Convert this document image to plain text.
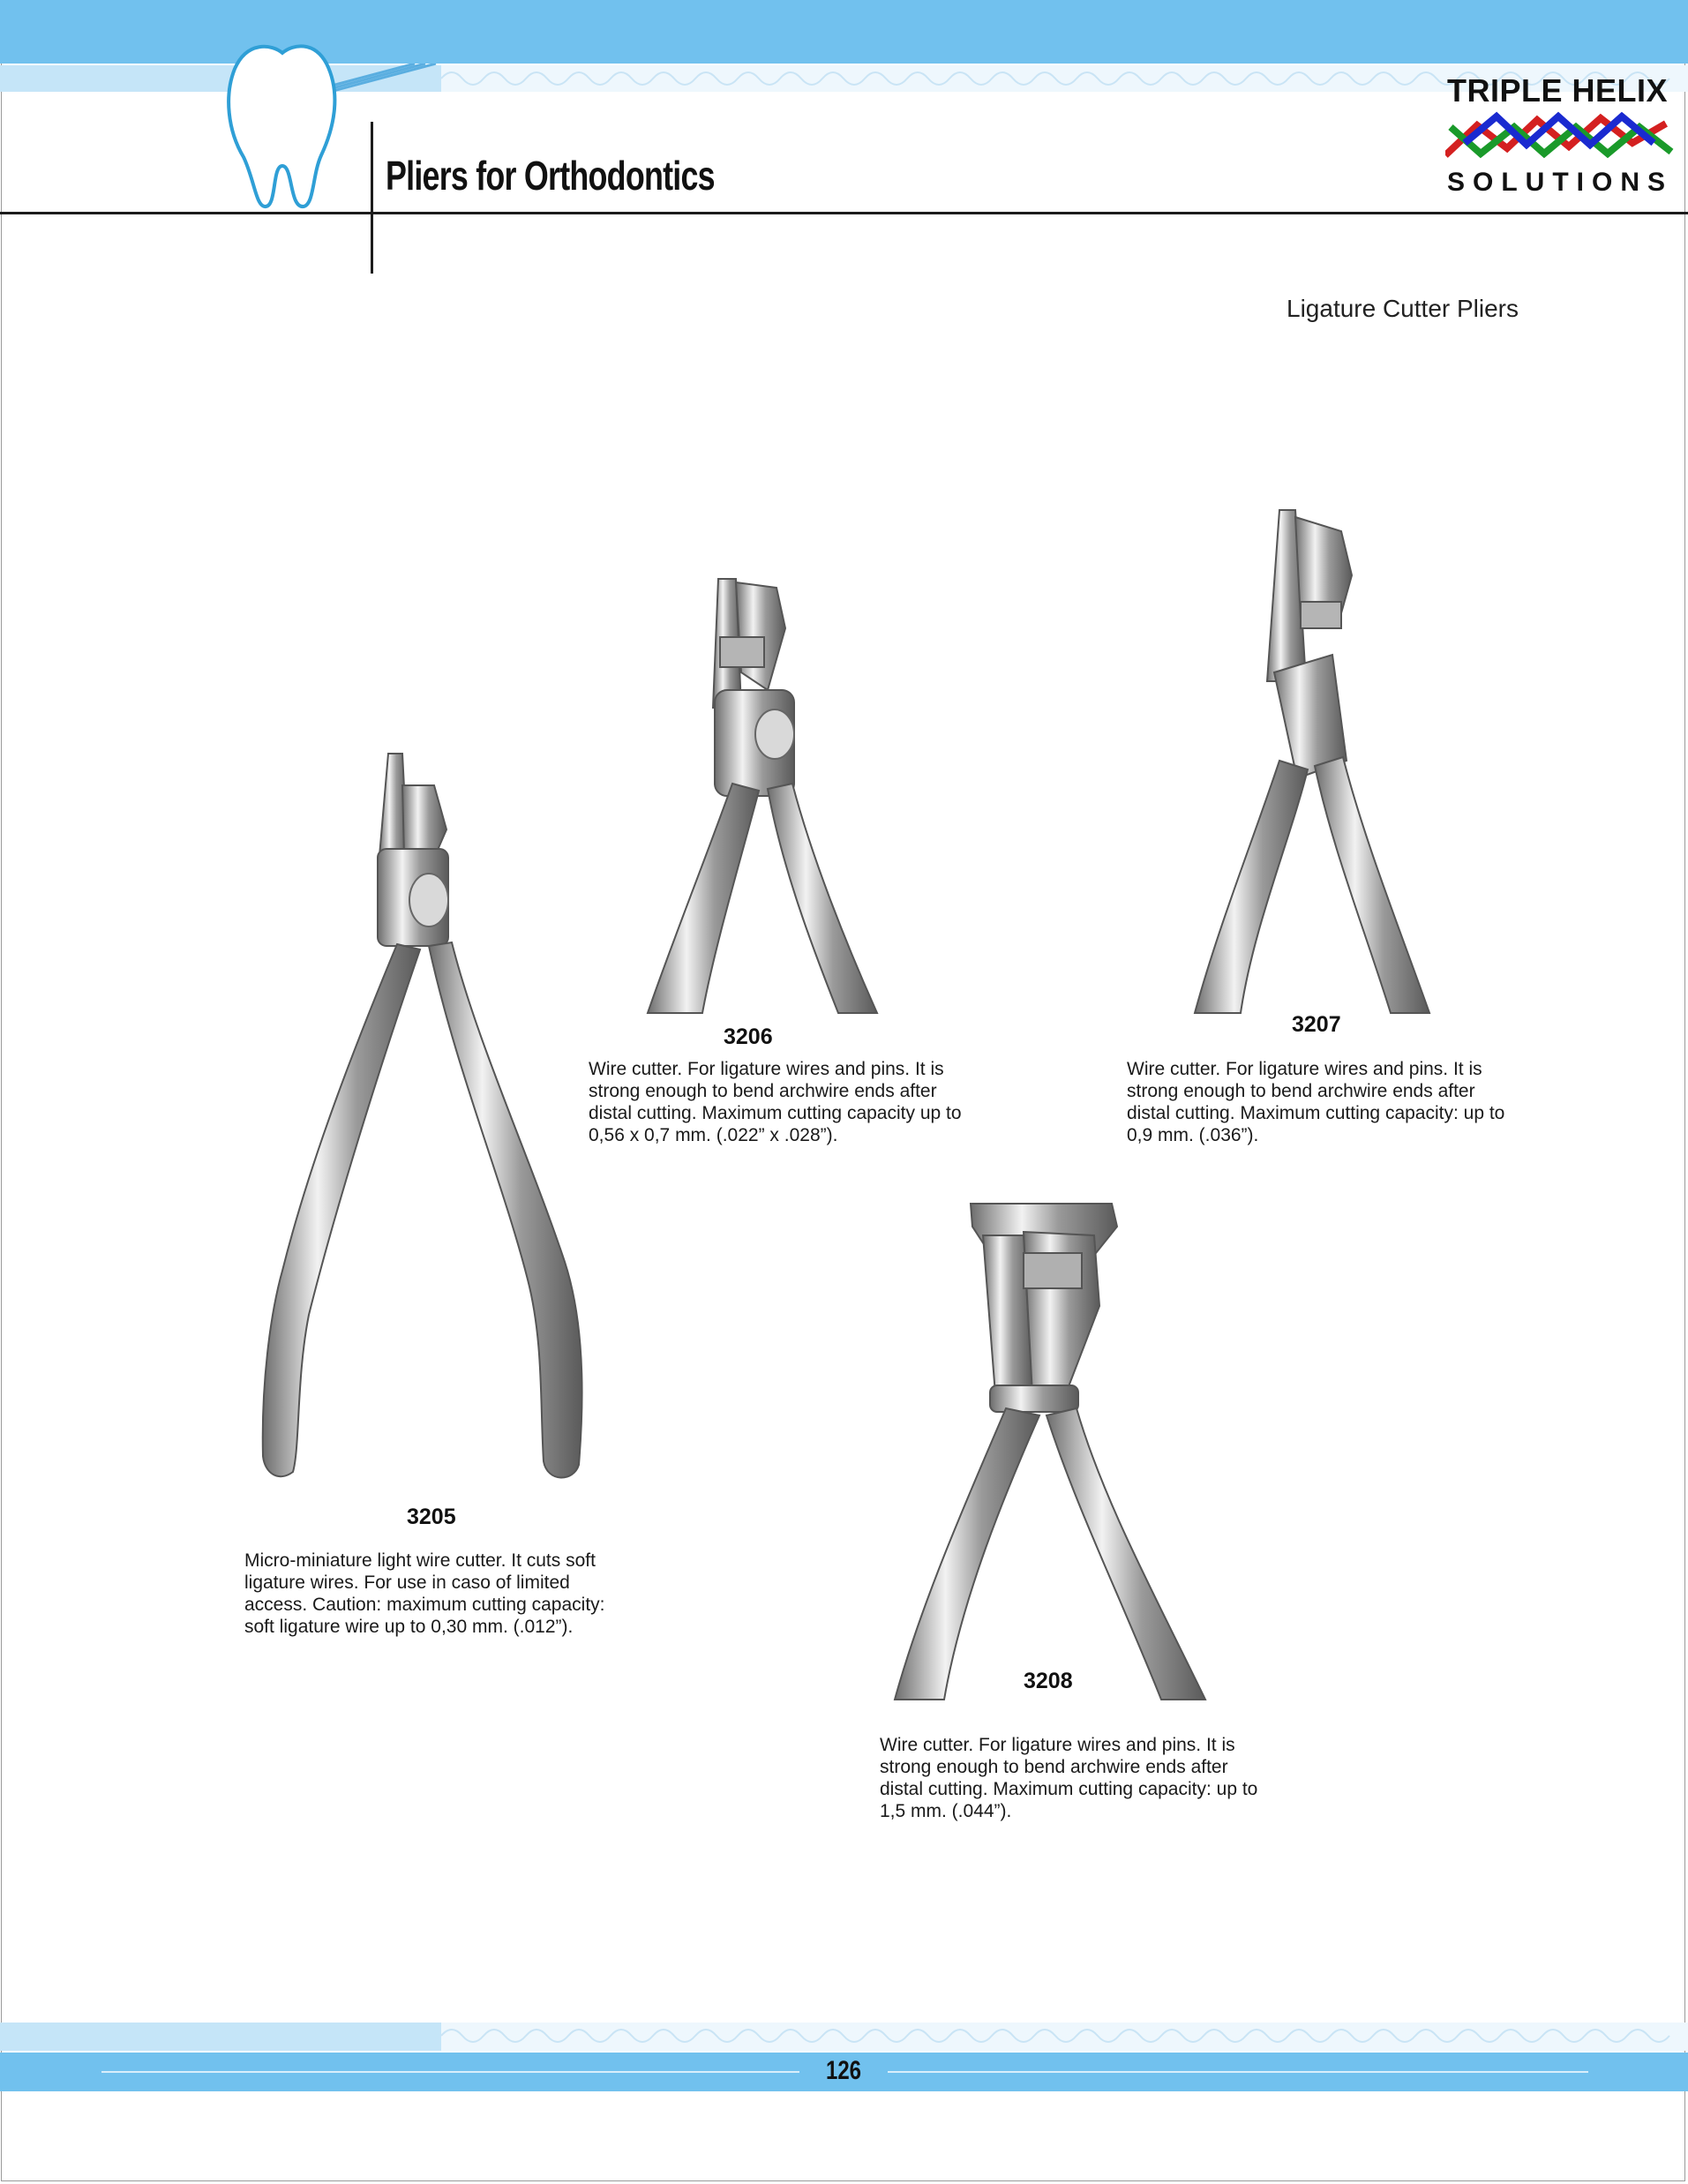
Pliers for Orthodontics
TRIPLE HELIX
SOLUTIONS
Ligature Cutter Pliers
3205
Micro-miniature light wire cutter. It cuts soft
ligature wires. For use in caso of limited
access. Caution: maximum cutting capacity:
soft ligature wire up to 0,30 mm. (.012”).
3206
Wire cutter. For ligature wires and pins. It is
strong enough to bend archwire ends after
distal cutting. Maximum cutting capacity up to
0,56 x 0,7 mm. (.022” x .028”).
3207
Wire cutter. For ligature wires and pins. It is
strong enough to bend archwire ends after
distal cutting. Maximum cutting capacity: up to
0,9 mm. (.036”).
3208
Wire cutter. For ligature wires and pins. It is
strong enough to bend archwire ends after
distal cutting. Maximum cutting capacity: up to
1,5 mm. (.044”).
126
